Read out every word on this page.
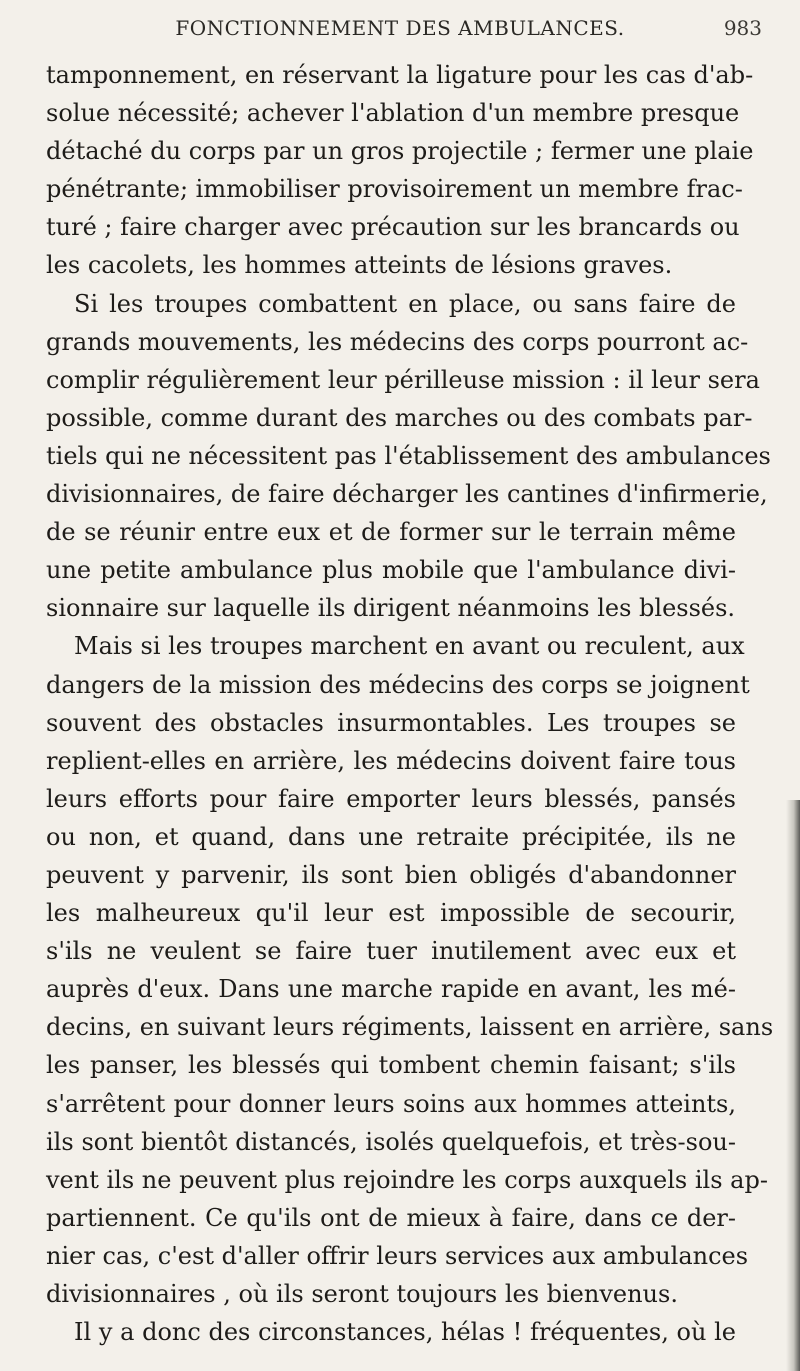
FONCTIONNEMENT DES AMBULANCES.	983
tamponnement, en réservant la ligature pour les cas d'ab-
solue nécessité; achever l'ablation d'un membre presque
détaché du corps par un gros projectile ; fermer une plaie
pénétrante; immobiliser provisoirement un membre frac-
turé ; faire charger avec précaution sur les brancards ou
les cacolets, les hommes atteints de lésions graves.
Si les troupes combattent en place, ou sans faire de
grands mouvements, les médecins des corps pourront ac-
complir régulièrement leur périlleuse mission : il leur sera
possible, comme durant des marches ou des combats par-
tiels qui ne nécessitent pas l'établissement des ambulances
divisionnaires, de faire décharger les cantines d'infirmerie,
de se réunir entre eux et de former sur le terrain même
une petite ambulance plus mobile que l'ambulance divi-
sionnaire sur laquelle ils dirigent néanmoins les blessés.
Mais si les troupes marchent en avant ou reculent, aux
dangers de la mission des médecins des corps se joignent
souvent des obstacles insurmontables. Les troupes se
replient-elles en arrière, les médecins doivent faire tous
leurs efforts pour faire emporter leurs blessés, pansés
ou non, et quand, dans une retraite précipitée, ils ne
peuvent y parvenir, ils sont bien obligés d'abandonner
les malheureux qu'il leur est impossible de secourir,
s'ils ne veulent se faire tuer inutilement avec eux et
auprès d'eux. Dans une marche rapide en avant, les mé-
decins, en suivant leurs régiments, laissent en arrière, sans
les panser, les blessés qui tombent chemin faisant; s'ils
s'arrêtent pour donner leurs soins aux hommes atteints,
ils sont bientôt distancés, isolés quelquefois, et très-sou-
vent ils ne peuvent plus rejoindre les corps auxquels ils ap-
partiennent. Ce qu'ils ont de mieux à faire, dans ce der-
nier cas, c'est d'aller offrir leurs services aux ambulances
divisionnaires , où ils seront toujours les bienvenus.
Il y a donc des circonstances, hélas ! fréquentes, où le
